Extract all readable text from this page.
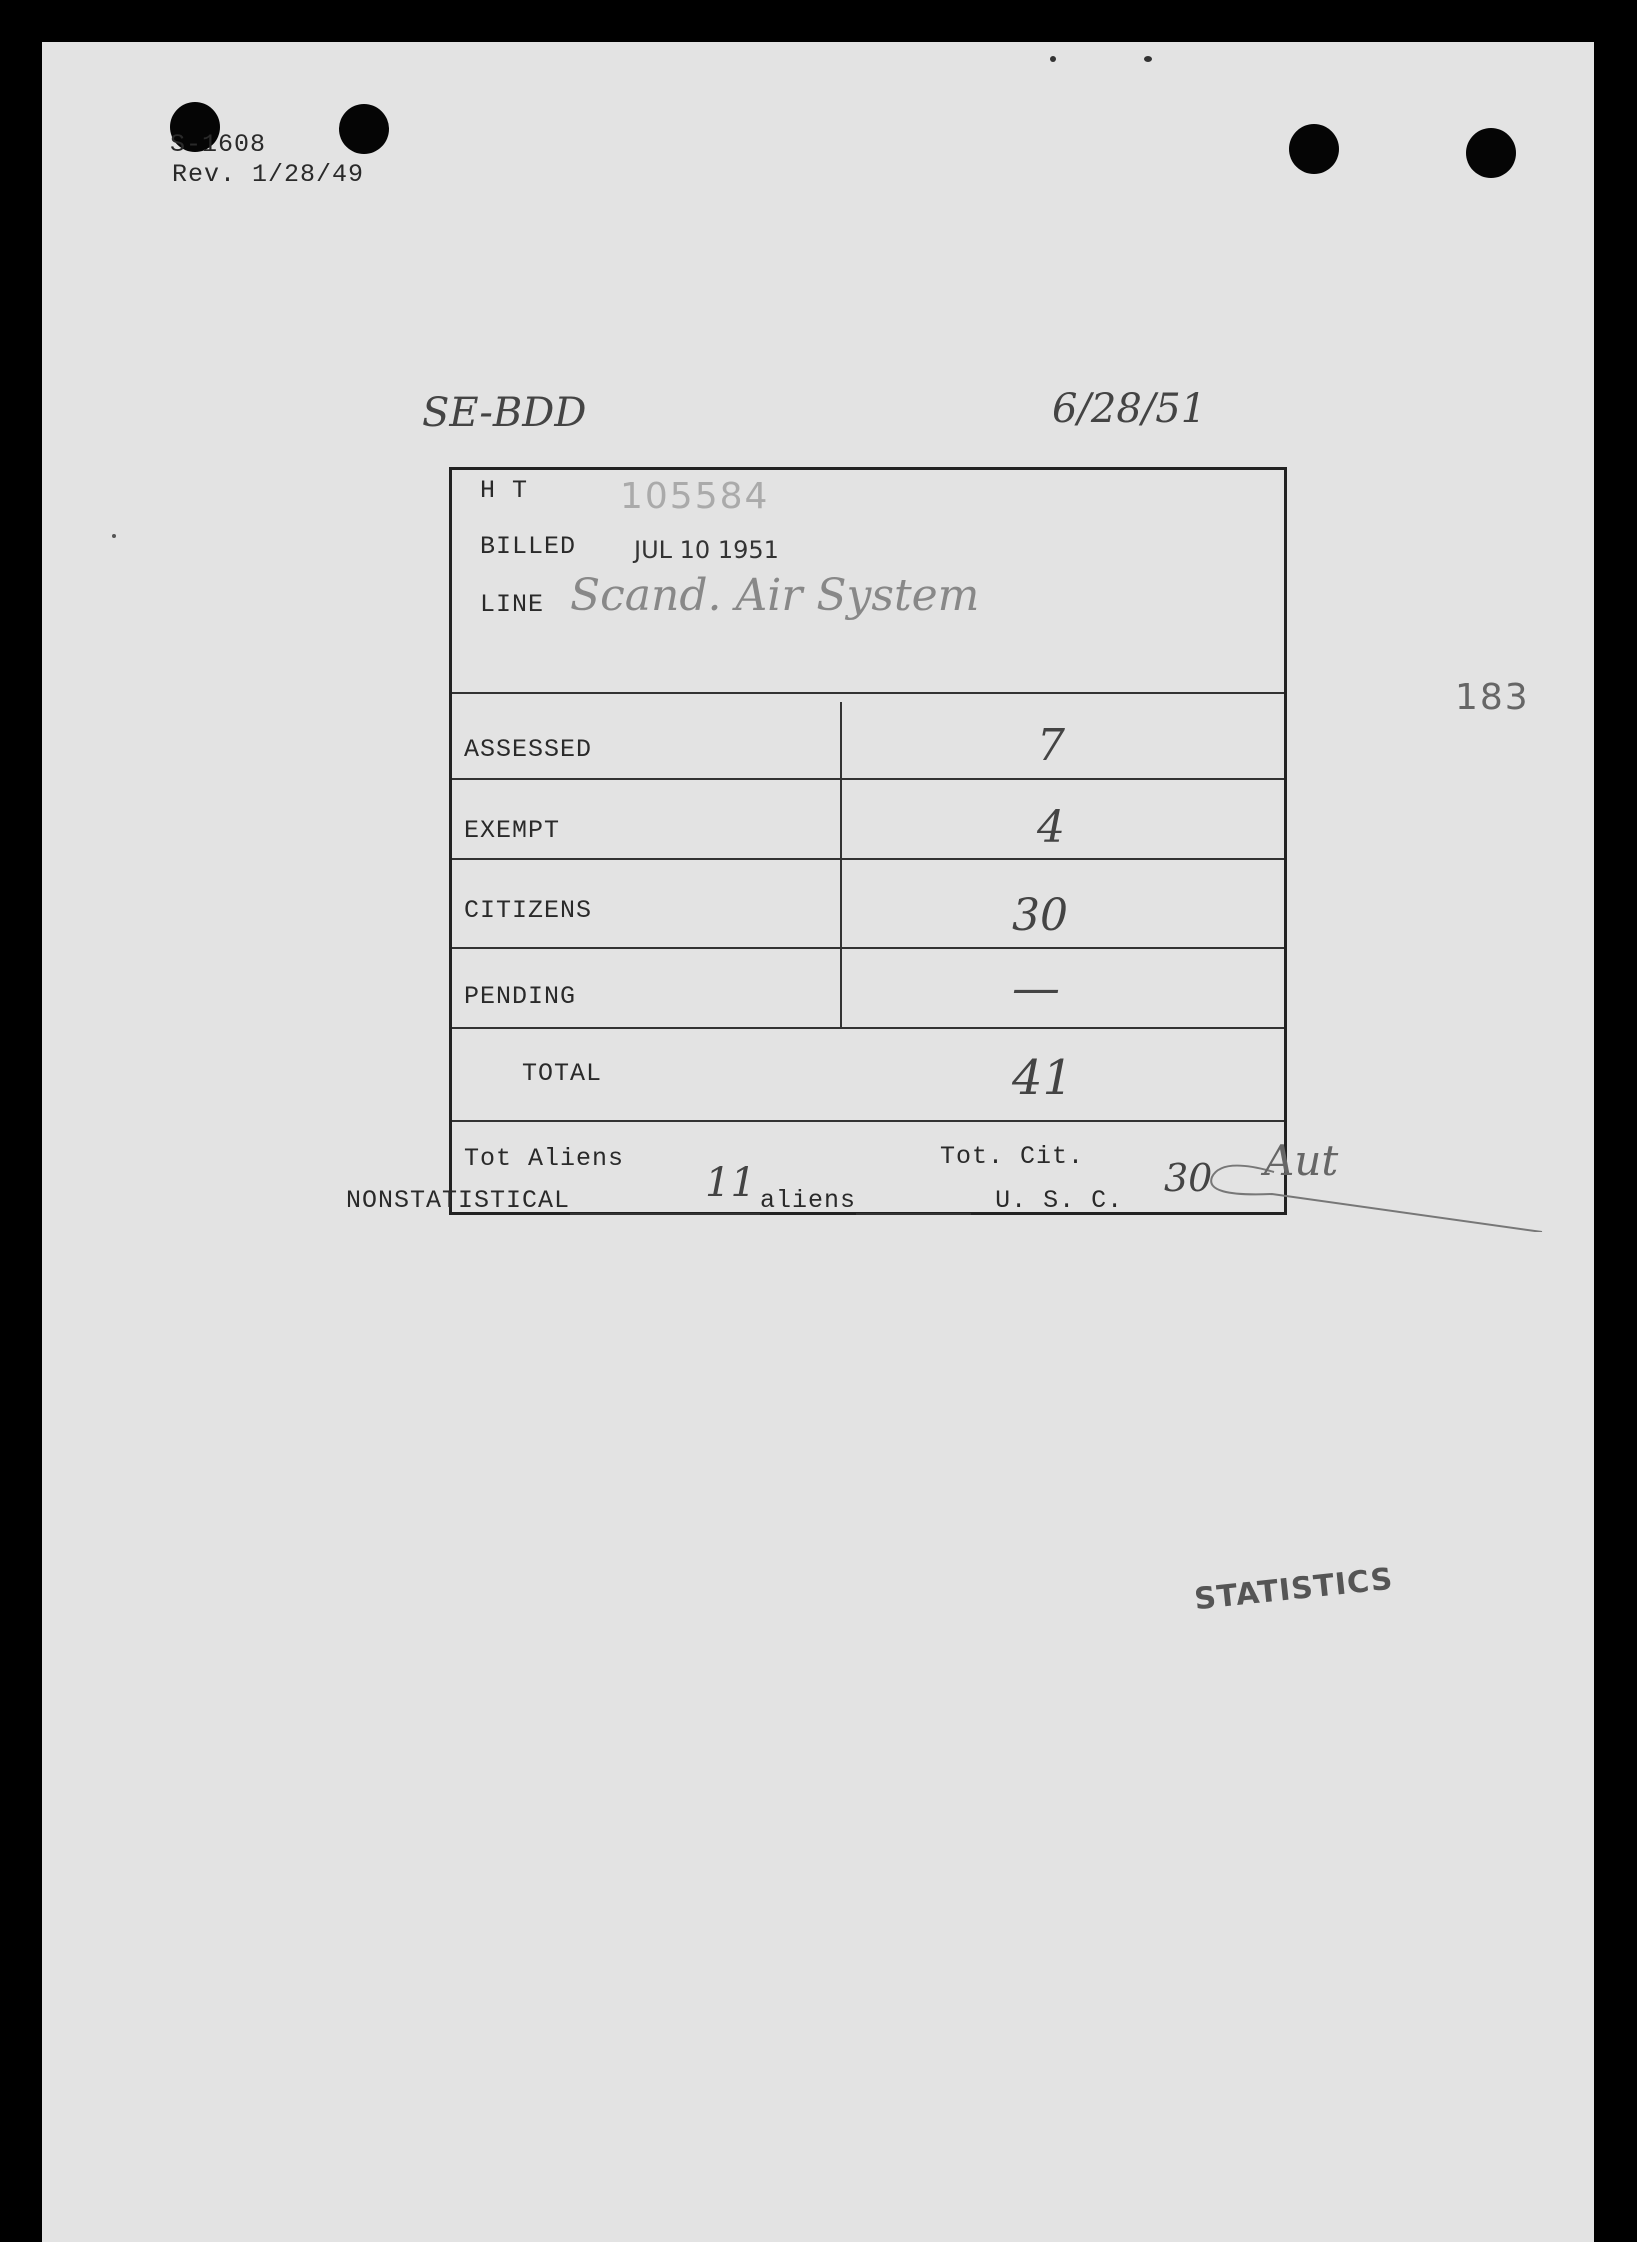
S-1608
Rev. 1/28/49
SE-BDD	6/28/51
183
H T	105584
BILLED JUL 10 1951
LINE Scand. Air System
ASSESSED	7
EXEMPT	4
CITIZENS	30
PENDING	—
TOTAL	41
Tot Aliens
11
Tot. Cit. 30 Aut
NONSTATISTICAL	aliens	U. S. C.
STATISTICS
